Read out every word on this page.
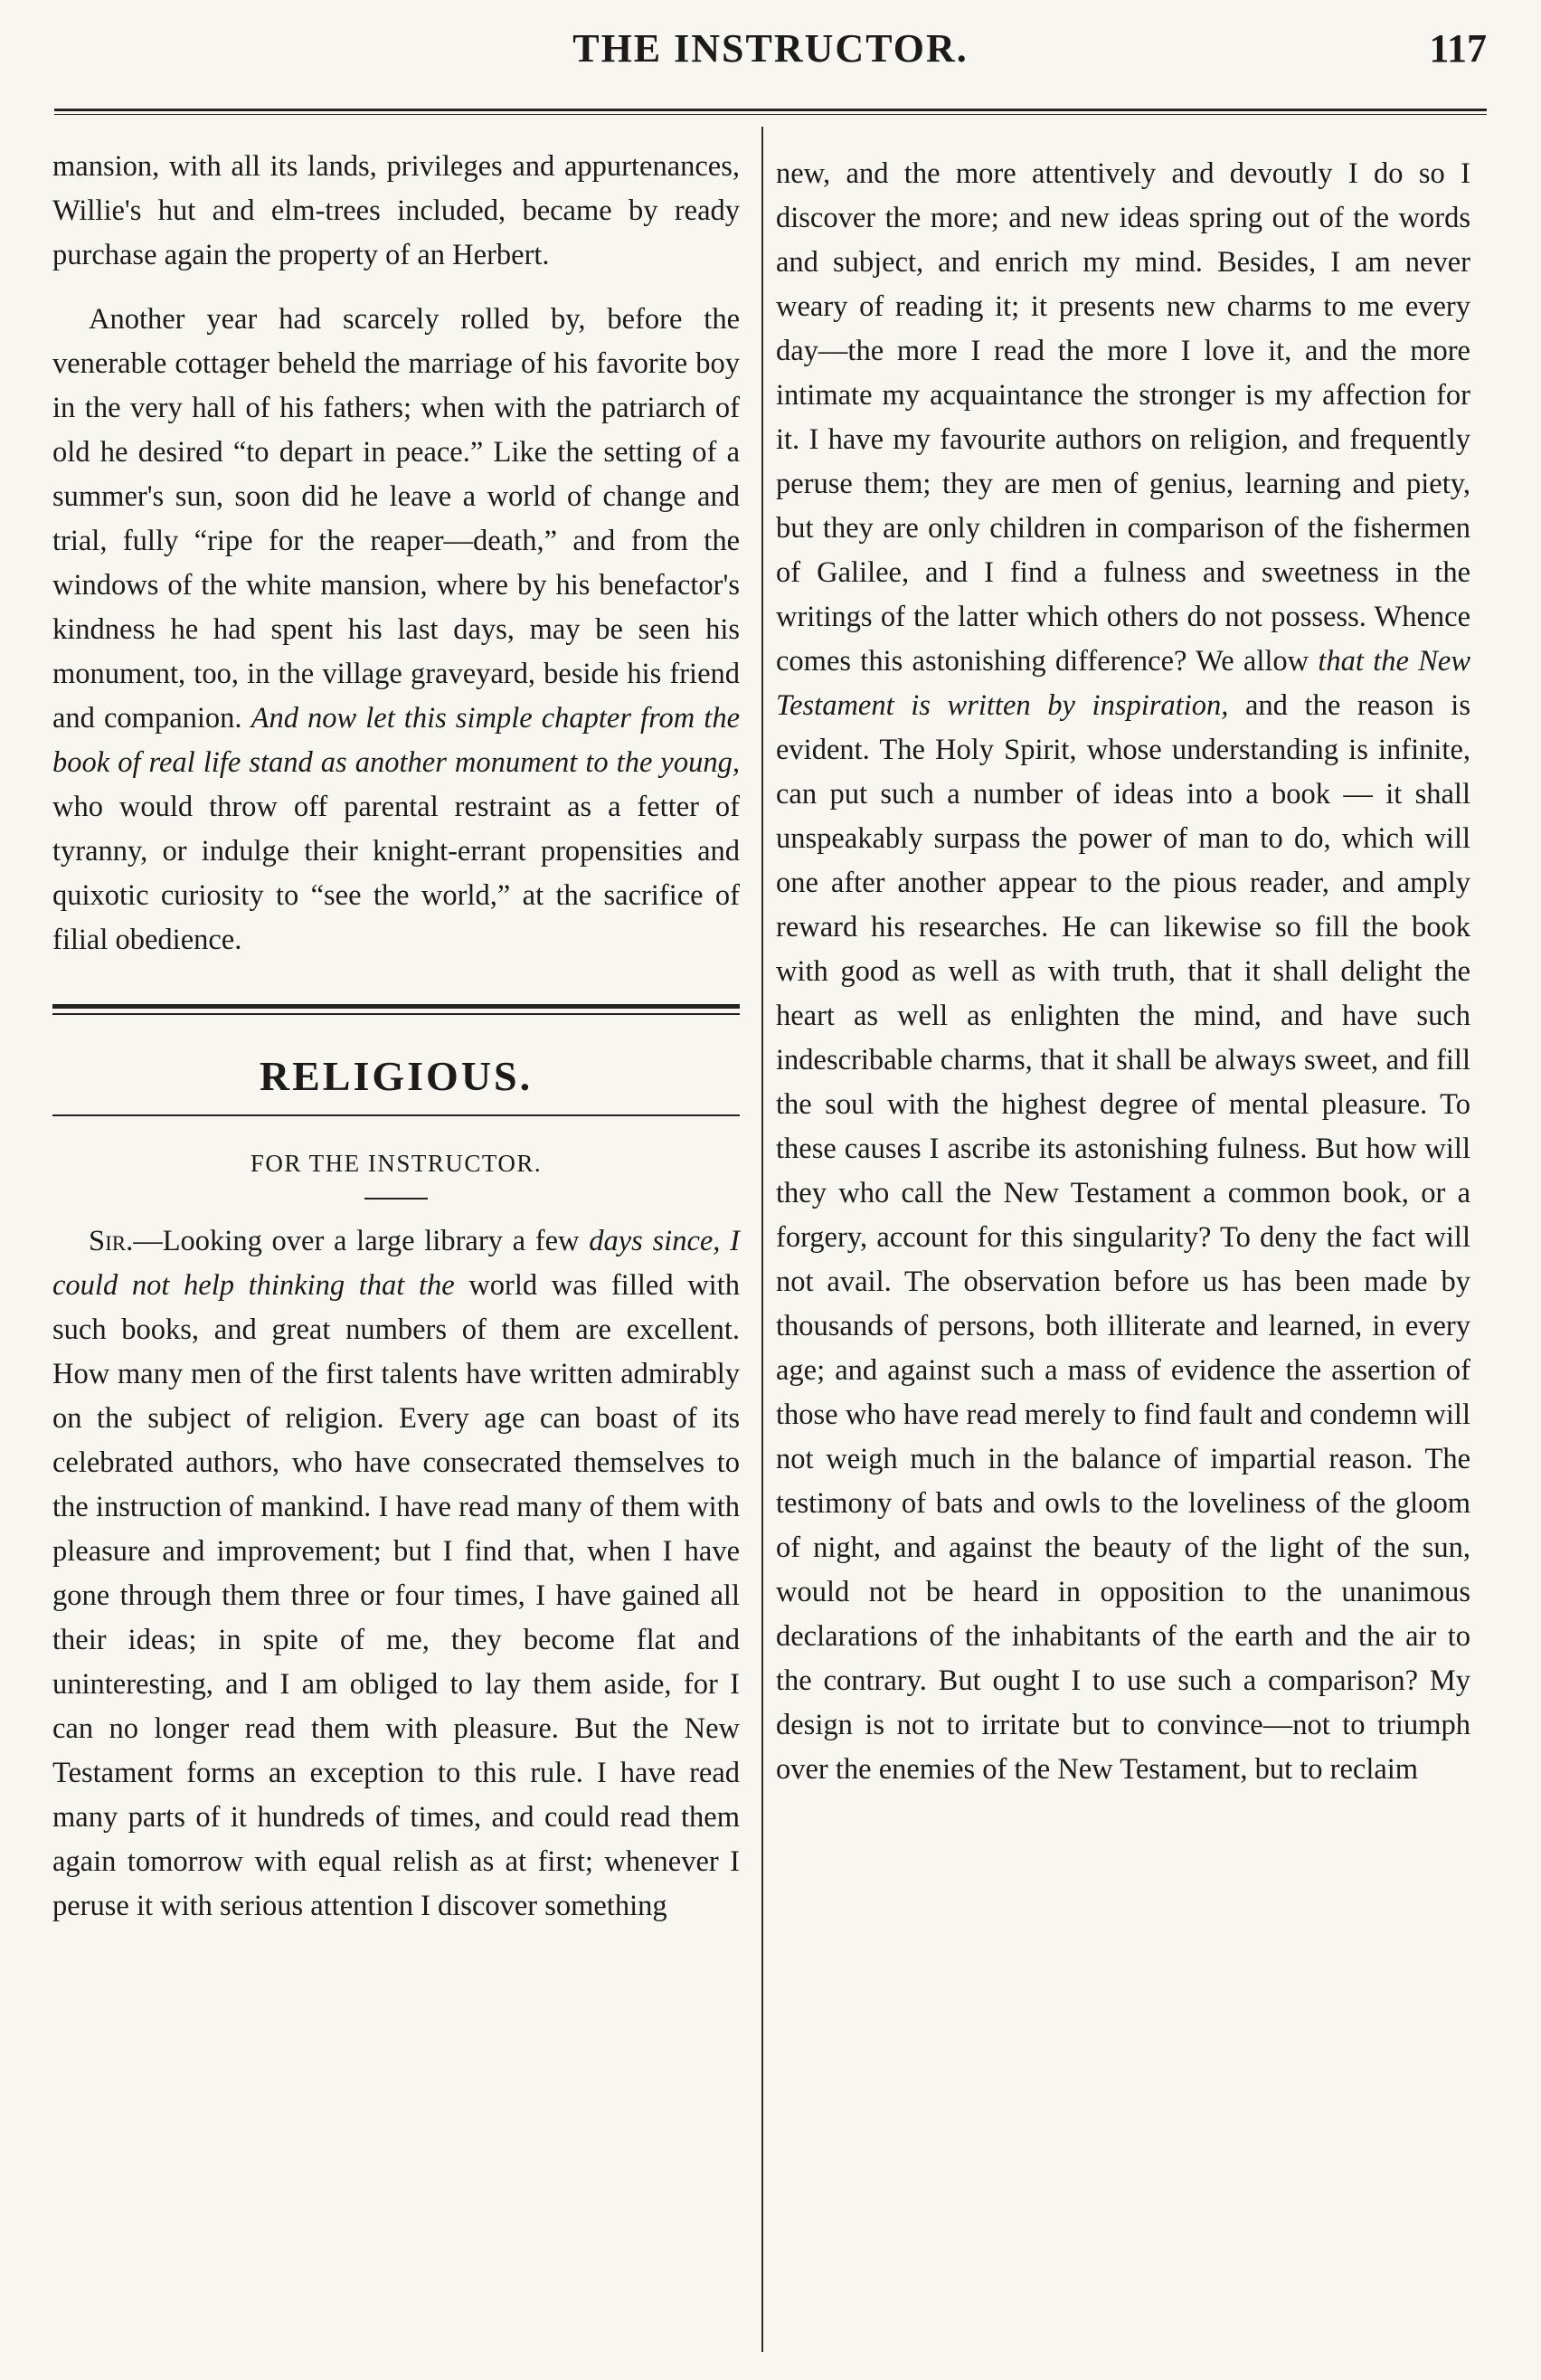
THE INSTRUCTOR.	117

mansion, with all its lands, privileges and appurtenances, Willie's hut and elm-trees included, became by ready purchase again the property of an Herbert.

Another year had scarcely rolled by, before the venerable cottager beheld the marriage of his favorite boy in the very hall of his fathers; when with the patriarch of old he desired “to depart in peace.” Like the setting of a summer's sun, soon did he leave a world of change and trial, fully “ripe for the reaper—death,” and from the windows of the white mansion, where by his benefactor's kindness he had spent his last days, may be seen his monument, too, in the village graveyard, beside his friend and companion. And now let this simple chapter from the book of real life stand as another monument to the young, who would throw off parental restraint as a fetter of tyranny, or indulge their knight-errant propensities and quixotic curiosity to “see the world,” at the sacrifice of filial obedience.

RELIGIOUS.
FOR THE INSTRUCTOR.

Sir.—Looking over a large library a few days since, I could not help thinking that the world was filled with such books, and great numbers of them are excellent. How many men of the first talents have written admirably on the subject of religion. Every age can boast of its celebrated authors, who have consecrated themselves to the instruction of mankind. I have read many of them with pleasure and improvement; but I find that, when I have gone through them three or four times, I have gained all their ideas; in spite of me, they become flat and uninteresting, and I am obliged to lay them aside, for I can no longer read them with pleasure. But the New Testament forms an exception to this rule. I have read many parts of it hundreds of times, and could read them again tomorrow with equal relish as at first; whenever I peruse it with serious attention I discover something

new, and the more attentively and devoutly I do so I discover the more; and new ideas spring out of the words and subject, and enrich my mind. Besides, I am never weary of reading it; it presents new charms to me every day—the more I read the more I love it, and the more intimate my acquaintance the stronger is my affection for it. I have my favourite authors on religion, and frequently peruse them; they are men of genius, learning and piety, but they are only children in comparison of the fishermen of Galilee, and I find a fulness and sweetness in the writings of the latter which others do not possess. Whence comes this astonishing difference? We allow that the New Testament is written by inspiration, and the reason is evident. The Holy Spirit, whose understanding is infinite, can put such a number of ideas into a book — it shall unspeakably surpass the power of man to do, which will one after another appear to the pious reader, and amply reward his researches. He can likewise so fill the book with good as well as with truth, that it shall delight the heart as well as enlighten the mind, and have such indescribable charms, that it shall be always sweet, and fill the soul with the highest degree of mental pleasure. To these causes I ascribe its astonishing fulness. But how will they who call the New Testament a common book, or a forgery, account for this singularity? To deny the fact will not avail. The observation before us has been made by thousands of persons, both illiterate and learned, in every age; and against such a mass of evidence the assertion of those who have read merely to find fault and condemn will not weigh much in the balance of impartial reason. The testimony of bats and owls to the loveliness of the gloom of night, and against the beauty of the light of the sun, would not be heard in opposition to the unanimous declarations of the inhabitants of the earth and the air to the contrary. But ought I to use such a comparison? My design is not to irritate but to convince—not to triumph over the enemies of the New Testament, but to reclaim
